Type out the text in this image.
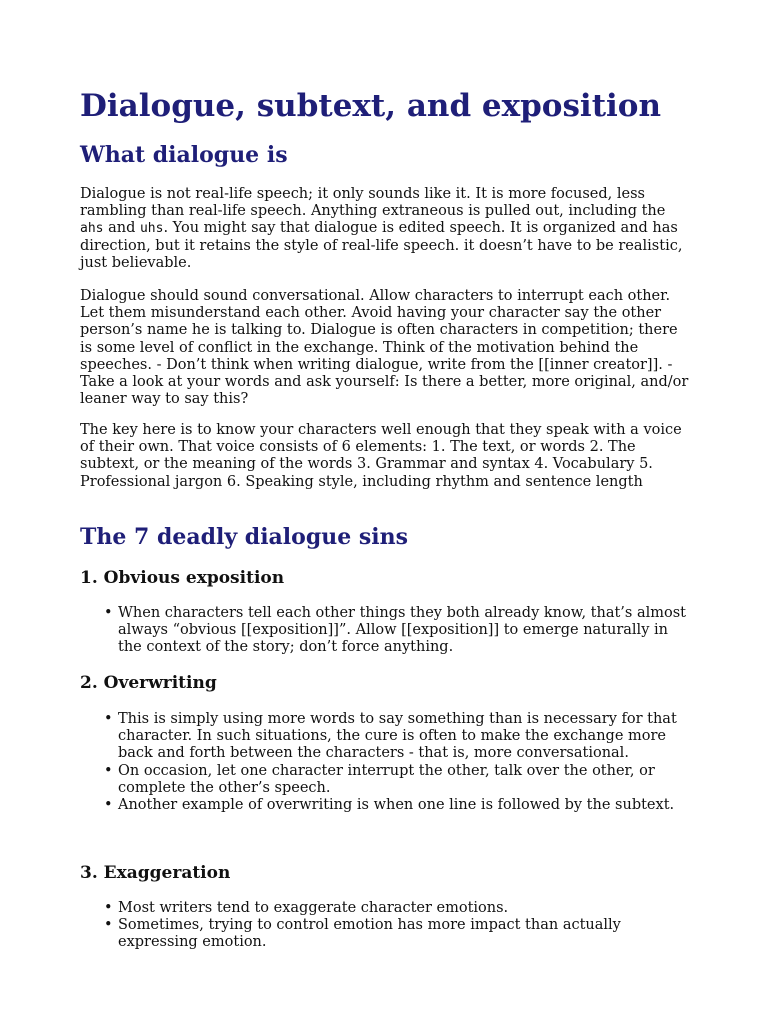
Dialogue, subtext, and exposition
What dialogue is

Dialogue is not real-life speech; it only sounds like it. It is more focused, less rambling than real-life speech. Anything extraneous is pulled out, including the ahs and uhs. You might say that dialogue is edited speech. It is organized and has direction, but it retains the style of real-life speech. it doesn’t have to be realistic, just believable.

Dialogue should sound conversational. Allow characters to interrupt each other. Let them misunderstand each other. Avoid having your character say the other person’s name he is talking to. Dialogue is often characters in competition; there is some level of conflict in the exchange. Think of the motivation behind the speeches. - Don’t think when writing dialogue, write from the [[inner creator]]. - Take a look at your words and ask yourself: Is there a better, more original, and/or leaner way to say this?

The key here is to know your characters well enough that they speak with a voice of their own. That voice consists of 6 elements: 1. The text, or words 2. The subtext, or the meaning of the words 3. Grammar and syntax 4. Vocabulary 5. Professional jargon 6. Speaking style, including rhythm and sentence length

The 7 deadly dialogue sins
1. Obvious exposition
• When characters tell each other things they both already know, that’s almost always “obvious [[exposition]]”. Allow [[exposition]] to emerge naturally in the context of the story; don’t force anything.
2. Overwriting
• This is simply using more words to say something than is necessary for that character. In such situations, the cure is often to make the exchange more back and forth between the characters - that is, more conversational.
• On occasion, let one character interrupt the other, talk over the other, or complete the other’s speech.
• Another example of overwriting is when one line is followed by the subtext.
3. Exaggeration
• Most writers tend to exaggerate character emotions.
• Sometimes, trying to control emotion has more impact than actually expressing emotion.
